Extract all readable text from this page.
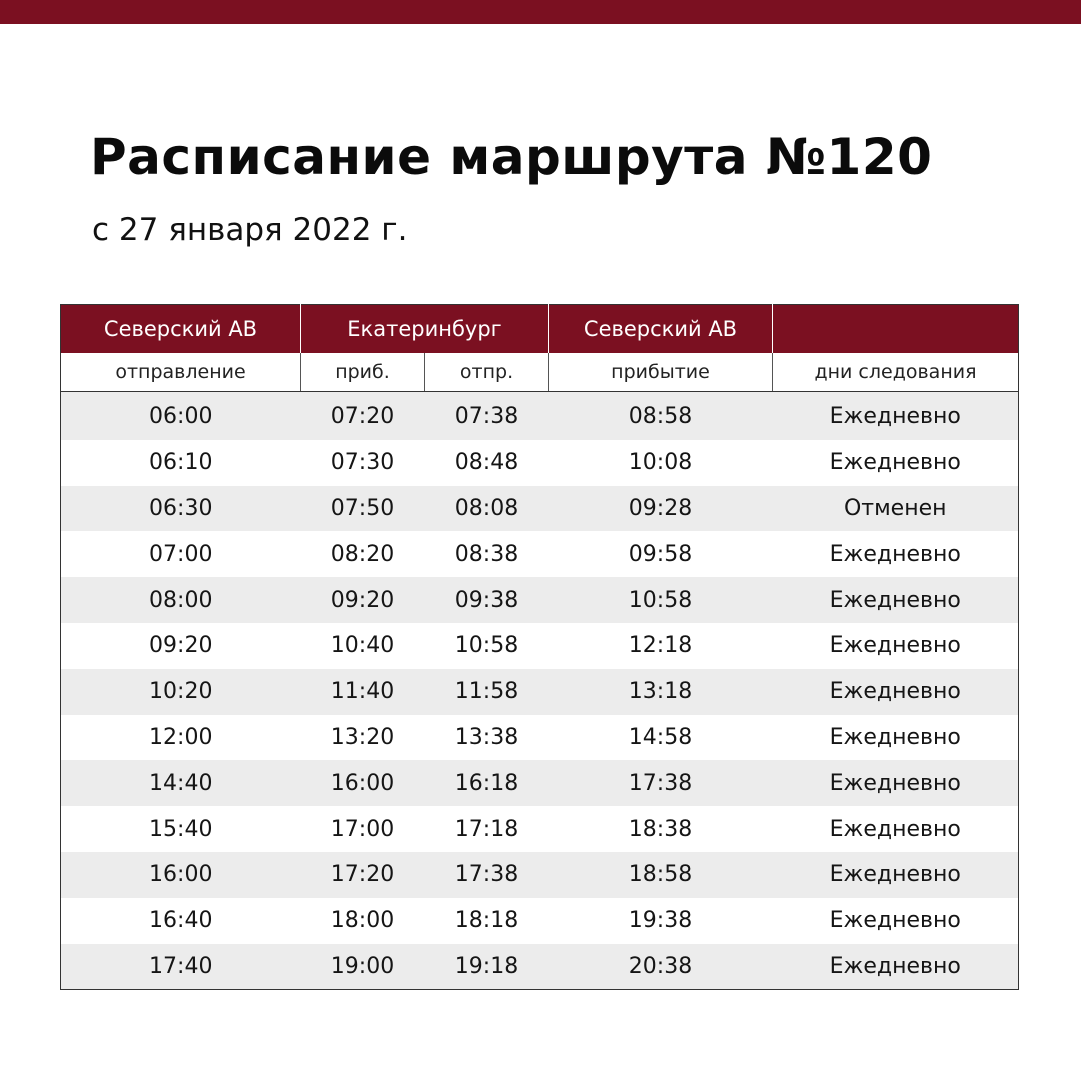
Расписание маршрута №120

с 27 января 2022 г.

Северский АВ	Екатеринбург		Северский АВ	
отправление	приб.	отпр.	прибытие	дни следования
06:00	07:20	07:38	08:58	Ежедневно
06:10	07:30	08:48	10:08	Ежедневно
06:30	07:50	08:08	09:28	Отменен
07:00	08:20	08:38	09:58	Ежедневно
08:00	09:20	09:38	10:58	Ежедневно
09:20	10:40	10:58	12:18	Ежедневно
10:20	11:40	11:58	13:18	Ежедневно
12:00	13:20	13:38	14:58	Ежедневно
14:40	16:00	16:18	17:38	Ежедневно
15:40	17:00	17:18	18:38	Ежедневно
16:00	17:20	17:38	18:58	Ежедневно
16:40	18:00	18:18	19:38	Ежедневно
17:40	19:00	19:18	20:38	Ежедневно
